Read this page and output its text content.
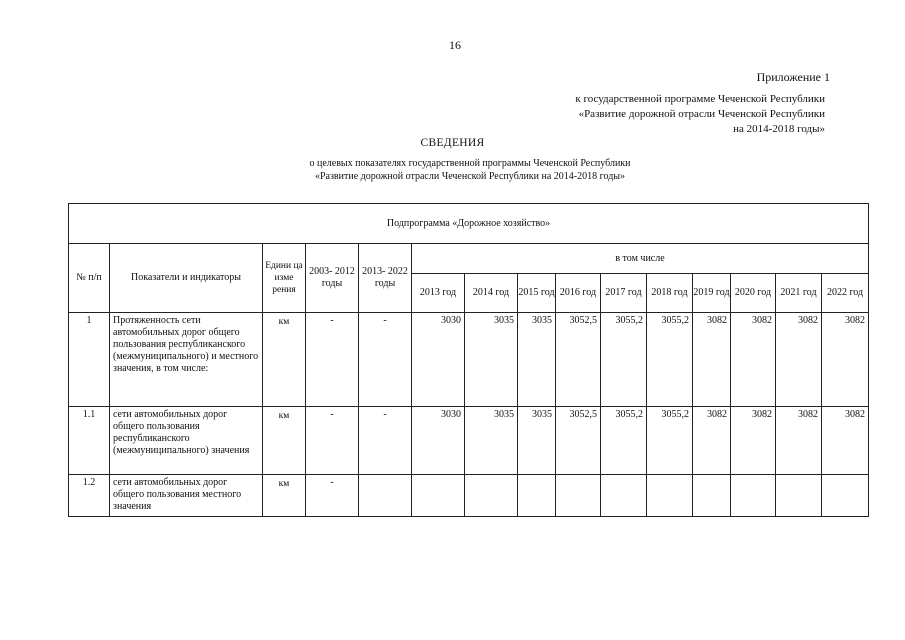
16
Приложение 1
к государственной программе Чеченской Республики
«Развитие дорожной отрасли Чеченской Республики
на 2014-2018 годы»
СВЕДЕНИЯ
о целевых показателях государственной программы Чеченской Республики
«Развитие дорожной отрасли Чеченской Республики на 2014-2018 годы»
Подпрограмма «Дорожное хозяйство»														
№ п/п	Показатели и индикаторы	Едини ца изме рения	2003- 2012 годы	2013- 2022 годы	в том числе									
					2013 год	2014 год	2015 год	2016 год	2017 год	2018 год	2019 год	2020 год	2021 год	2022 год
1	Протяженность сети автомобильных дорог общего пользования республиканского (межмуниципального) и местного значения, в том числе:	км	-	-	3030	3035	3035	3052,5	3055,2	3055,2	3082	3082	3082	3082
1.1	сети автомобильных дорог общего пользования республиканского (межмуниципального) значения	км	-	-	3030	3035	3035	3052,5	3055,2	3055,2	3082	3082	3082	3082
1.2	сети автомобильных дорог общего пользования местного значения	км	-											
